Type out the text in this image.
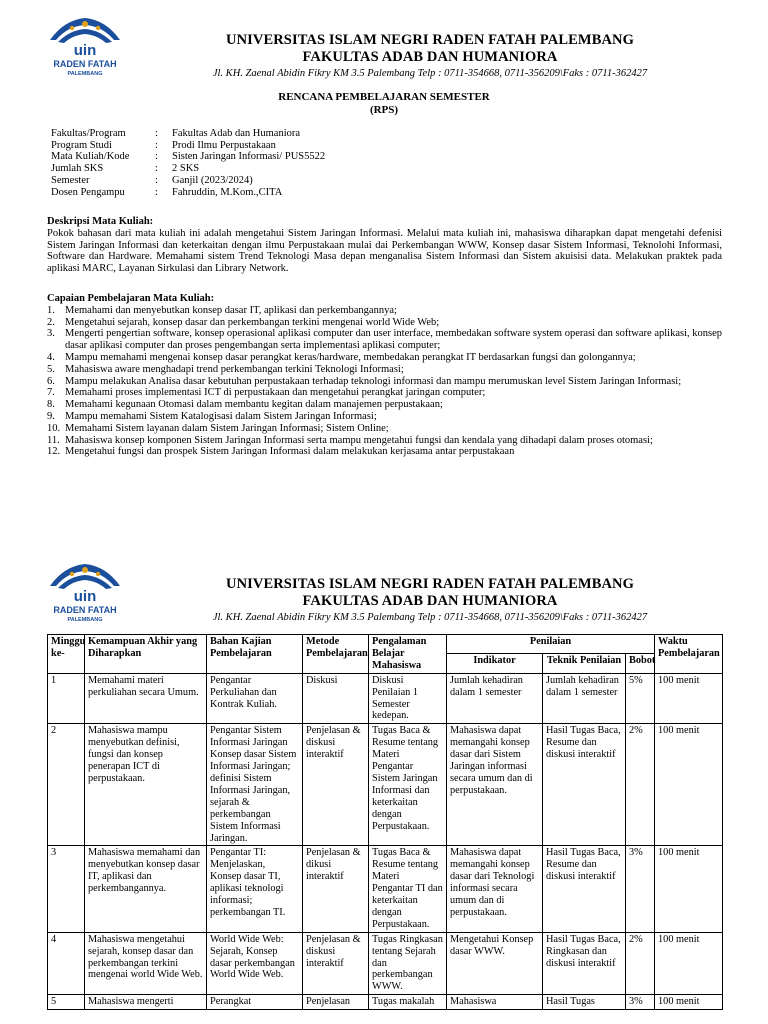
uin
RADEN FATAH
PALEMBANG
UNIVERSITAS ISLAM NEGRI RADEN FATAH PALEMBANG
FAKULTAS ADAB DAN HUMANIORA
Jl. KH. Zaenal Abidin Fikry KM 3.5 Palembang Telp : 0711-354668, 0711-356209\Faks : 0711-362427
RENCANA PEMBELAJARAN SEMESTER
(RPS)
Fakultas/Program	:	Fakultas Adab dan Humaniora
Program Studi	:	Prodi Ilmu Perpustakaan
Mata Kuliah/Kode	:	Sisten Jaringan Informasi/ PUS5522
Jumlah SKS	:	2 SKS
Semester	:	Ganjil (2023/2024)
Dosen Pengampu	:	Fahruddin, M.Kom.,CITA
Deskripsi Mata Kuliah:
Pokok bahasan dari mata kuliah ini adalah mengetahui Sistem Jaringan Informasi. Melalui mata kuliah ini, mahasiswa diharapkan dapat mengetahi defenisi Sistem Jaringan Informasi dan keterkaitan dengan ilmu Perpustakaan mulai dai Perkembangan WWW, Konsep dasar Sistem Informasi, Teknolohi Informasi, Software dan Hardware. Memahami sistem Trend Teknologi Masa depan menganalisa Sistem Informasi dan Sistem akuisisi data. Melakukan praktek pada aplikasi MARC, Layanan Sirkulasi dan Library Network.
Capaian Pembelajaran Mata Kuliah:
1. Memahami dan menyebutkan konsep dasar IT, aplikasi dan perkembangannya;
2. Mengetahui sejarah, konsep dasar dan perkembangan terkini mengenai world Wide Web;
3. Mengerti pengertian software, konsep operasional aplikasi computer dan user interface, membedakan software system operasi dan software aplikasi, konsep dasar aplikasi computer dan proses pengembangan serta implementasi aplikasi computer;
4. Mampu memahami mengenai konsep dasar perangkat keras/hardware, membedakan perangkat IT berdasarkan fungsi dan golongannya;
5. Mahasiswa aware menghadapi trend perkembangan terkini Teknologi Informasi;
6. Mampu melakukan Analisa dasar kebutuhan perpustakaan terhadap teknologi informasi dan mampu merumuskan level Sistem Jaringan Informasi;
7. Memahami proses implementasi ICT di perpustakaan dan mengetahui perangkat jaringan computer;
8. Memahami kegunaan Otomasi dalam membantu kegitan dalam manajemen perpustakaan;
9. Mampu memahami Sistem Katalogisasi dalam Sistem Jaringan Informasi;
10. Memahami Sistem layanan dalam Sistem Jaringan Informasi; Sistem Online;
11. Mahasiswa konsep komponen Sistem Jaringan Informasi serta mampu mengetahui fungsi dan kendala yang dihadapi dalam proses otomasi;
12. Mengetahui fungsi dan prospek Sistem Jaringan Informasi dalam melakukan kerjasama antar perpustakaan
uin
RADEN FATAH
PALEMBANG
UNIVERSITAS ISLAM NEGRI RADEN FATAH PALEMBANG
FAKULTAS ADAB DAN HUMANIORA
Jl. KH. Zaenal Abidin Fikry KM 3.5 Palembang Telp : 0711-354668, 0711-356209\Faks : 0711-362427
Minggu ke-	Kemampuan Akhir yang Diharapkan	Bahan Kajian Pembelajaran	Metode Pembelajaran	Pengalaman Belajar Mahasiswa	Penilaian			Waktu Pembelajaran
					Indikator	Teknik Penilaian	Bobot	
1	Memahami materi perkuliahan secara Umum.	Pengantar Perkuliahan dan Kontrak Kuliah.	Diskusi	Diskusi Penilaian 1 Semester kedepan.	Jumlah kehadiran dalam 1 semester	Jumlah kehadiran dalam 1 semester	5%	100 menit
2	Mahasiswa mampu menyebutkan definisi, fungsi dan konsep penerapan ICT di perpustakaan.	Pengantar Sistem Informasi Jaringan Konsep dasar Sistem Informasi Jaringan; definisi Sistem Informasi Jaringan, sejarah & perkembangan Sistem Informasi Jaringan.	Penjelasan & diskusi interaktif	Tugas Baca & Resume tentang Materi Pengantar Sistem Jaringan Informasi dan keterkaitan dengan Perpustakaan.	Mahasiswa dapat memangahi konsep dasar dari Sistem Jaringan informasi secara umum dan di perpustakaan.	Hasil Tugas Baca, Resume dan diskusi interaktif	2%	100 menit
3	Mahasiswa memahami dan menyebutkan konsep dasar IT, aplikasi dan perkembangannya.	Pengantar TI: Menjelaskan, Konsep dasar TI, aplikasi teknologi informasi; perkembangan TI.	Penjelasan & dikusi interaktif	Tugas Baca & Resume tentang Materi Pengantar TI dan keterkaitan dengan Perpustakaan.	Mahasiswa dapat memangahi konsep dasar dari Teknologi informasi secara umum dan di perpustakaan.	Hasil Tugas Baca, Resume dan diskusi interaktif	3%	100 menit
4	Mahasiswa mengetahui sejarah, konsep dasar dan perkembangan terkini mengenai world Wide Web.	World Wide Web: Sejarah, Konsep dasar perkembangan World Wide Web.	Penjelasan & diskusi interaktif	Tugas Ringkasan tentang Sejarah dan perkembangan WWW.	Mengetahui Konsep dasar WWW.	Hasil Tugas Baca, Ringkasan dan diskusi interaktif	2%	100 menit
5	Mahasiswa mengerti	Perangkat	Penjelasan	Tugas makalah	Mahasiswa	Hasil Tugas	3%	100 menit
